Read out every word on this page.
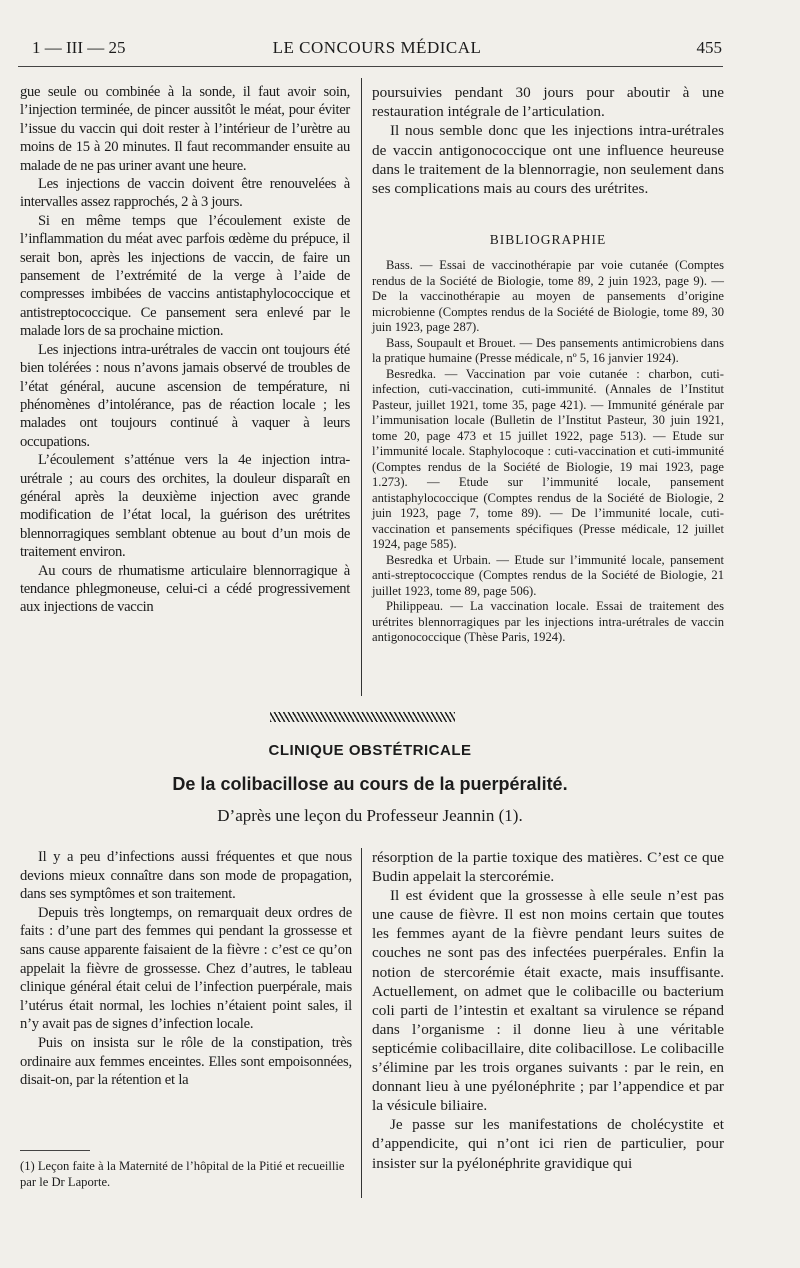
1 — III — 25	LE CONCOURS MÉDICAL	455

gue seule ou combinée à la sonde, il faut avoir soin, l’injection terminée, de pincer aussitôt le méat, pour éviter l’issue du vaccin qui doit rester à l’intérieur de l’urètre au moins de 15 à 20 minutes. Il faut recommander ensuite au malade de ne pas uriner avant une heure.

Les injections de vaccin doivent être renouvelées à intervalles assez rapprochés, 2 à 3 jours.

Si en même temps que l’écoulement existe de l’inflammation du méat avec parfois œdème du prépuce, il serait bon, après les injections de vaccin, de faire un pansement de l’extrémité de la verge à l’aide de compresses imbibées de vaccins antistaphylococcique et antistreptococcique. Ce pansement sera enlevé par le malade lors de sa prochaine miction.

Les injections intra-urétrales de vaccin ont toujours été bien tolérées : nous n’avons jamais observé de troubles de l’état général, aucune ascension de température, ni phénomènes d’intolérance, pas de réaction locale ; les malades ont toujours continué à vaquer à leurs occupations.

L’écoulement s’atténue vers la 4e injection intra-urétrale ; au cours des orchites, la douleur disparaît en général après la deuxième injection avec grande modification de l’état local, la guérison des urétrites blennorragiques semblant obtenue au bout d’un mois de traitement environ.

Au cours de rhumatisme articulaire blennorragique à tendance phlegmoneuse, celui-ci a cédé progressivement aux injections de vaccin

poursuivies pendant 30 jours pour aboutir à une restauration intégrale de l’articulation.

Il nous semble donc que les injections intra-urétrales de vaccin antigonococcique ont une influence heureuse dans le traitement de la blennorragie, non seulement dans ses complications mais au cours des urétrites.

BIBLIOGRAPHIE

Bass. — Essai de vaccinothérapie par voie cutanée (Comptes rendus de la Société de Biologie, tome 89, 2 juin 1923, page 9). — De la vaccinothérapie au moyen de pansements d’origine microbienne (Comptes rendus de la Société de Biologie, tome 89, 30 juin 1923, page 287).

Bass, Soupault et Brouet. — Des pansements antimicrobiens dans la pratique humaine (Presse médicale, nº 5, 16 janvier 1924).

Besredka. — Vaccination par voie cutanée : charbon, cuti-infection, cuti-vaccination, cuti-immunité. (Annales de l’Institut Pasteur, juillet 1921, tome 35, page 421). — Immunité générale par l’immunisation locale (Bulletin de l’Institut Pasteur, 30 juin 1921, tome 20, page 473 et 15 juillet 1922, page 513). — Etude sur l’immunité locale. Staphylocoque : cuti-vaccination et cuti-immunité (Comptes rendus de la Société de Biologie, 19 mai 1923, page 1.273). — Etude sur l’immunité locale, pansement antistaphylococcique (Comptes rendus de la Société de Biologie, 2 juin 1923, page 7, tome 89). — De l’immunité locale, cuti-vaccination et pansements spécifiques (Presse médicale, 12 juillet 1924, page 585).

Besredka et Urbain. — Etude sur l’immunité locale, pansement anti-streptococcique (Comptes rendus de la Société de Biologie, 21 juillet 1923, tome 89, page 506).

Philippeau. — La vaccination locale. Essai de traitement des urétrites blennorragiques par les injections intra-urétrales de vaccin antigonococcique (Thèse Paris, 1924).

CLINIQUE OBSTÉTRICALE
De la colibacillose au cours de la puerpéralité.
D’après une leçon du Professeur Jeannin (1).

Il y a peu d’infections aussi fréquentes et que nous devions mieux connaître dans son mode de propagation, dans ses symptômes et son traitement.

Depuis très longtemps, on remarquait deux ordres de faits : d’une part des femmes qui pendant la grossesse et sans cause apparente faisaient de la fièvre : c’est ce qu’on appelait la fièvre de grossesse. Chez d’autres, le tableau clinique général était celui de l’infection puerpérale, mais l’utérus était normal, les lochies n’étaient point sales, il n’y avait pas de signes d’infection locale.

Puis on insista sur le rôle de la constipation, très ordinaire aux femmes enceintes. Elles sont empoisonnées, disait-on, par la rétention et la

résorption de la partie toxique des matières. C’est ce que Budin appelait la stercorémie.

Il est évident que la grossesse à elle seule n’est pas une cause de fièvre. Il est non moins certain que toutes les femmes ayant de la fièvre pendant leurs suites de couches ne sont pas des infectées puerpérales. Enfin la notion de stercorémie était exacte, mais insuffisante. Actuellement, on admet que le colibacille ou bacterium coli parti de l’intestin et exaltant sa virulence se répand dans l’organisme : il donne lieu à une véritable septicémie colibacillaire, dite colibacillose. Le colibacille s’élimine par les trois organes suivants : par le rein, en donnant lieu à une pyélonéphrite ; par l’appendice et par la vésicule biliaire.

Je passe sur les manifestations de cholécystite et d’appendicite, qui n’ont ici rien de particulier, pour insister sur la pyélonéphrite gravidique qui

(1) Leçon faite à la Maternité de l’hôpital de la Pitié et recueillie par le Dr Laporte.
